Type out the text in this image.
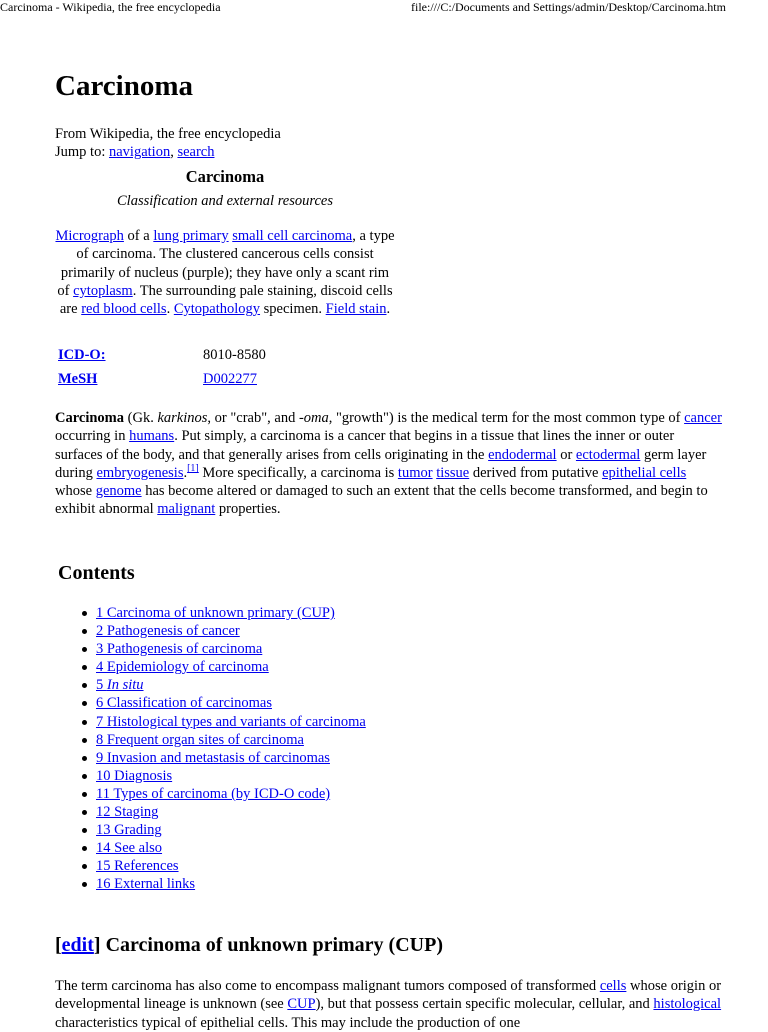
Carcinoma - Wikipedia, the free encyclopedia	file:///C:/Documents and Settings/admin/Desktop/Carcinoma.htm
Carcinoma
From Wikipedia, the free encyclopedia
Jump to: navigation, search
Carcinoma
Classification and external resources
Micrograph of a lung primary small cell carcinoma, a type of carcinoma. The clustered cancerous cells consist primarily of nucleus (purple); they have only a scant rim of cytoplasm. The surrounding pale staining, discoid cells are red blood cells. Cytopathology specimen. Field stain.
ICD-O:	8010-8580
MeSH	D002277

Carcinoma (Gk. karkinos, or "crab", and -oma, "growth") is the medical term for the most common type of cancer occurring in humans. Put simply, a carcinoma is a cancer that begins in a tissue that lines the inner or outer surfaces of the body, and that generally arises from cells originating in the endodermal or ectodermal germ layer during embryogenesis.[1] More specifically, a carcinoma is tumor tissue derived from putative epithelial cells whose genome has become altered or damaged to such an extent that the cells become transformed, and begin to exhibit abnormal malignant properties.

Contents
1 Carcinoma of unknown primary (CUP)
2 Pathogenesis of cancer
3 Pathogenesis of carcinoma
4 Epidemiology of carcinoma
5 In situ
6 Classification of carcinomas
7 Histological types and variants of carcinoma
8 Frequent organ sites of carcinoma
9 Invasion and metastasis of carcinomas
10 Diagnosis
11 Types of carcinoma (by ICD-O code)
12 Staging
13 Grading
14 See also
15 References
16 External links
[edit] Carcinoma of unknown primary (CUP)

The term carcinoma has also come to encompass malignant tumors composed of transformed cells whose origin or developmental lineage is unknown (see CUP), but that possess certain specific molecular, cellular, and histological characteristics typical of epithelial cells. This may include the production of one
